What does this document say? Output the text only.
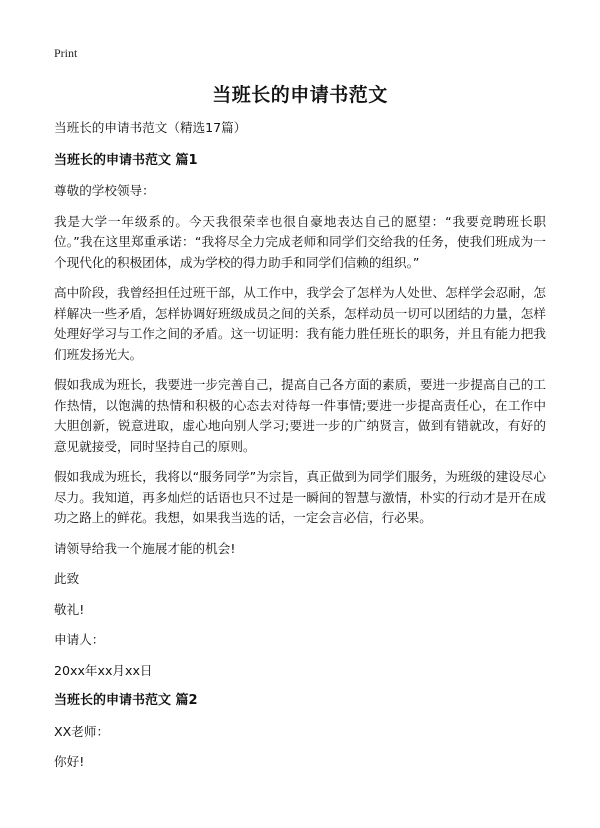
Print
当班长的申请书范文

当班长的申请书范文（精选17篇）

当班长的申请书范文 篇1

尊敬的学校领导：

我是大学一年级系的。今天我很荣幸也很自豪地表达自己的愿望：“我要竞聘班长职位。”我在这里郑重承诺：“我将尽全力完成老师和同学们交给我的任务，使我们班成为一个现代化的积极团体，成为学校的得力助手和同学们信赖的组织。”

高中阶段，我曾经担任过班干部，从工作中，我学会了怎样为人处世、怎样学会忍耐，怎样解决一些矛盾，怎样协调好班级成员之间的关系，怎样动员一切可以团结的力量，怎样处理好学习与工作之间的矛盾。这一切证明：我有能力胜任班长的职务，并且有能力把我们班发扬光大。

假如我成为班长，我要进一步完善自己，提高自己各方面的素质，要进一步提高自己的工作热情，以饱满的热情和积极的心态去对待每一件事情;要进一步提高责任心，在工作中大胆创新，锐意进取，虚心地向别人学习;要进一步的广纳贤言，做到有错就改，有好的意见就接受，同时坚持自己的原则。

假如我成为班长，我将以“服务同学”为宗旨，真正做到为同学们服务，为班级的建设尽心尽力。我知道，再多灿烂的话语也只不过是一瞬间的智慧与激情，朴实的行动才是开在成功之路上的鲜花。我想，如果我当选的话，一定会言必信，行必果。

请领导给我一个施展才能的机会!

此致

敬礼!

申请人：

20xx年xx月xx日

当班长的申请书范文 篇2

XX老师：

你好!
